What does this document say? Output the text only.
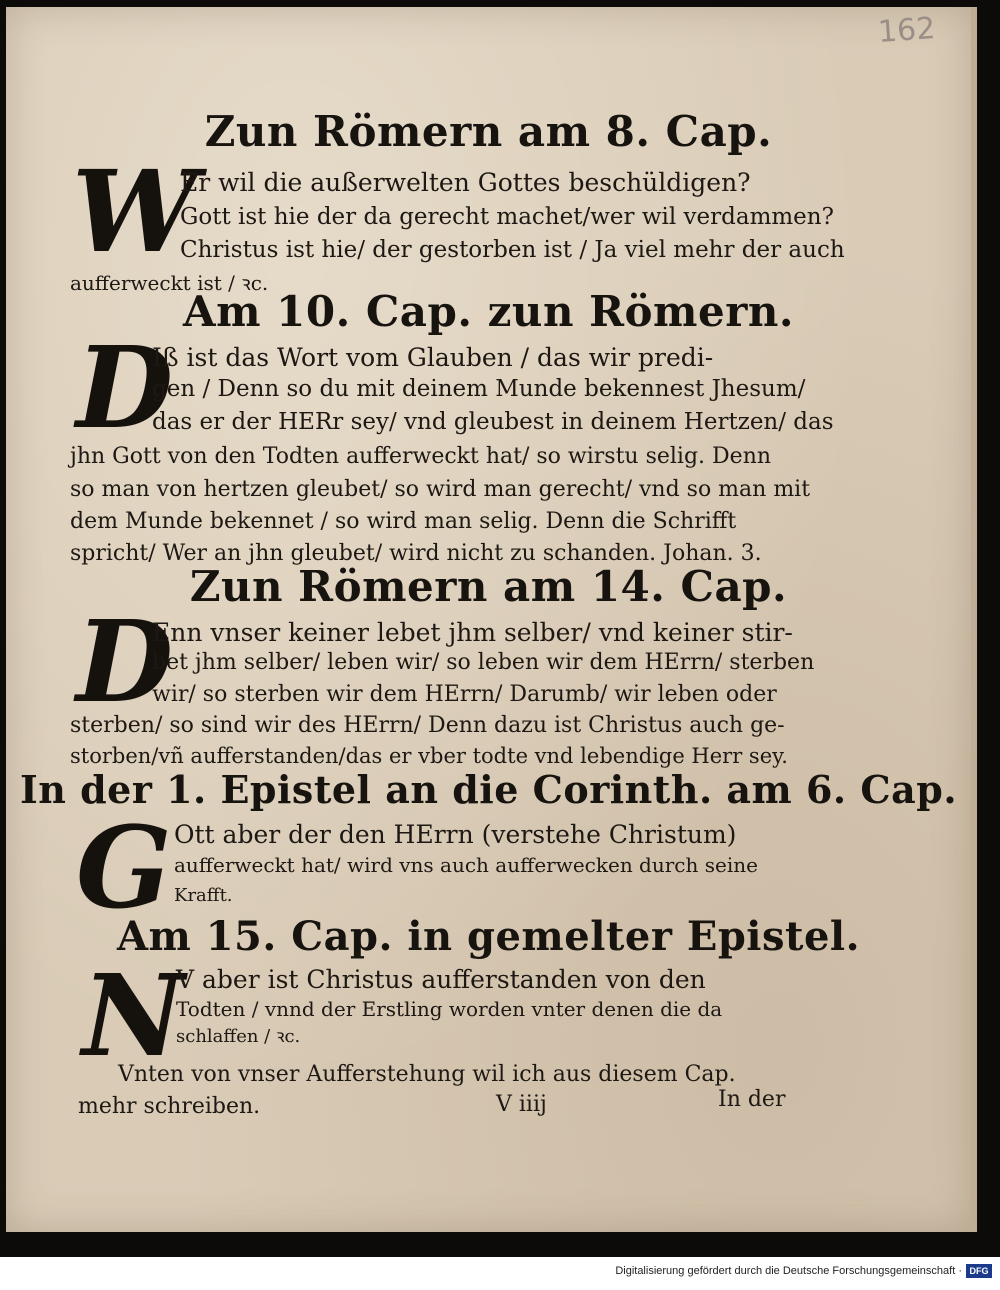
162
Zun Römern am 8. Cap.
W
Er wil die außerwelten Gottes beschüldigen?
Gott ist hie der da gerecht machet/wer wil verdammen?
Christus ist hie/ der gestorben ist / Ja viel mehr der auch
aufferweckt ist / ꝛc.
Am 10. Cap. zun Römern.
D
Iß ist das Wort vom Glauben / das wir predi-
gen / Denn so du mit deinem Munde bekennest Jhesum/
das er der HERr sey/ vnd gleubest in deinem Hertzen/ das
jhn Gott von den Todten aufferweckt hat/ so wirstu selig. Denn
so man von hertzen gleubet/ so wird man gerecht/ vnd so man mit
dem Munde bekennet / so wird man selig. Denn die Schrifft
spricht/ Wer an jhn gleubet/ wird nicht zu schanden. Johan. 3.
Zun Römern am 14. Cap.
D
Enn vnser keiner lebet jhm selber/ vnd keiner stir-
bet jhm selber/ leben wir/ so leben wir dem HErrn/ sterben
wir/ so sterben wir dem HErrn/ Darumb/ wir leben oder
sterben/ so sind wir des HErrn/ Denn dazu ist Christus auch ge-
storben/vñ aufferstanden/das er vber todte vnd lebendige Herr sey.
In der 1. Epistel an die Corinth. am 6. Cap.
G Ott aber der den HErrn (verstehe Christum)
aufferweckt hat/ wird vns auch aufferwecken durch seine
Krafft.
Am 15. Cap. in gemelter Epistel.
N
V aber ist Christus aufferstanden von den
Todten / vnnd der Erstling worden vnter denen die da
schlaffen / ꝛc.
Vnten von vnser Aufferstehung wil ich aus diesem Cap.
mehr schreiben.	V iiij	In der
Digitalisierung gefördert durch die Deutsche Forschungsgemeinschaft · DFG
